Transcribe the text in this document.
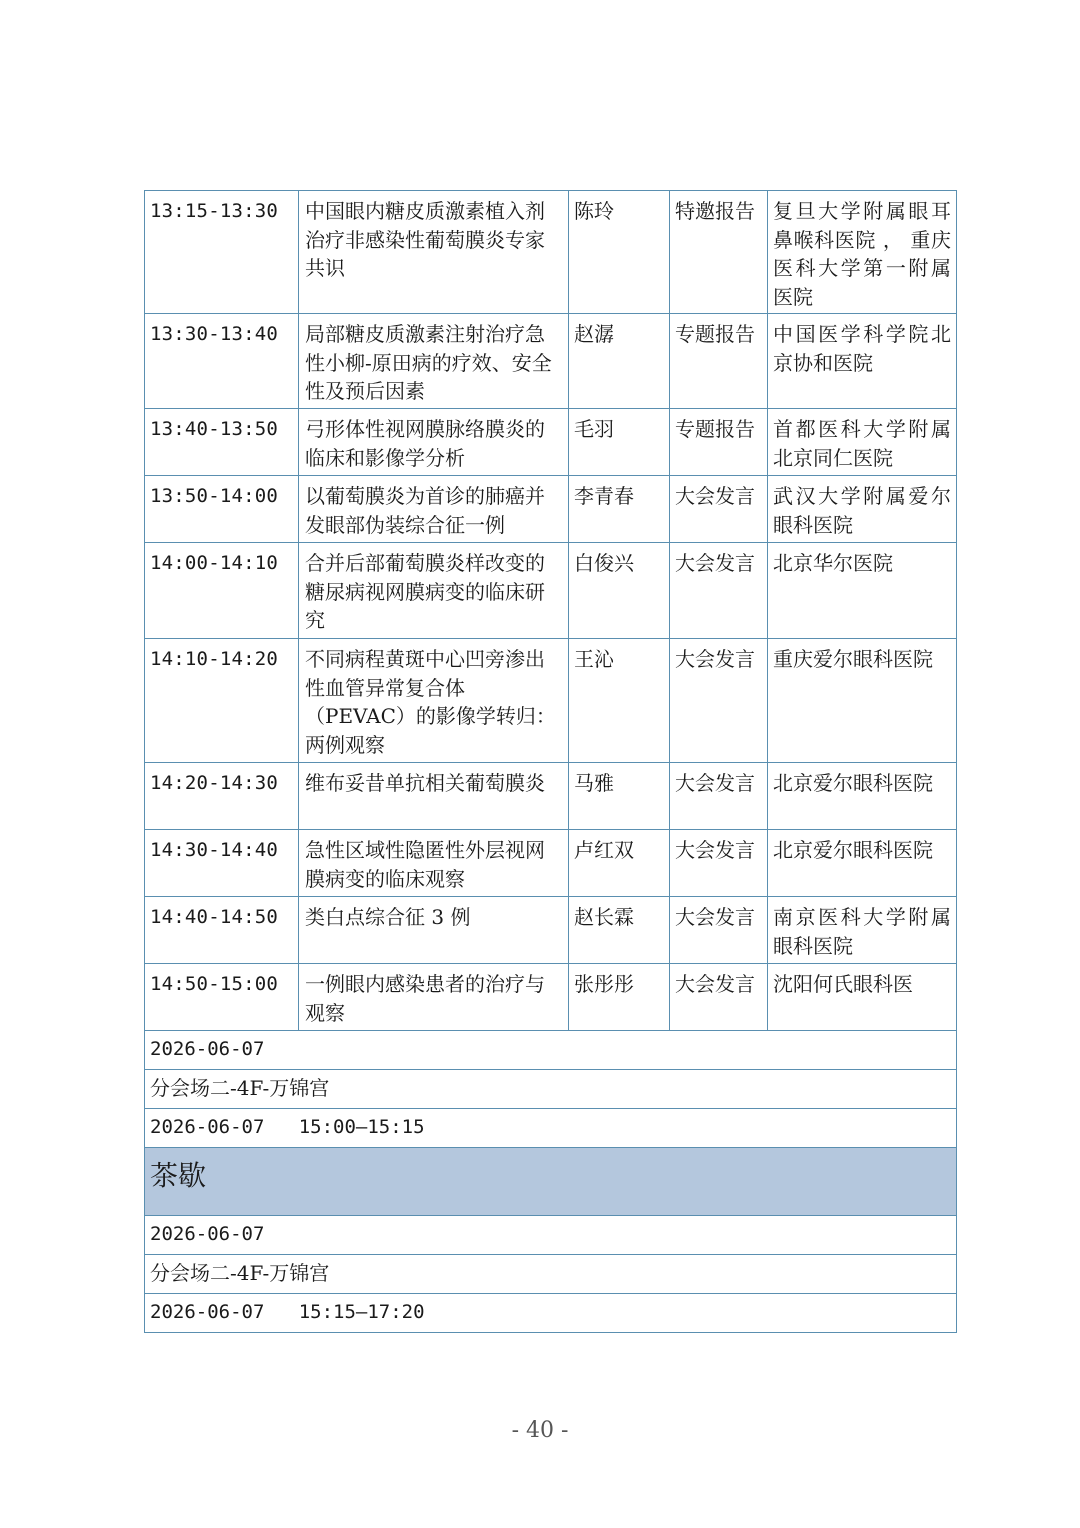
13:15-13:30	中国眼内糖皮质激素植入剂治疗非感染性葡萄膜炎专家共识	陈玲	特邀报告	复旦大学附属眼耳鼻喉科医院 ， 重庆医科大学第一附属医院
13:30-13:40	局部糖皮质激素注射治疗急性小柳-原田病的疗效、安全性及预后因素	赵潺	专题报告	中国医学科学院北京协和医院
13:40-13:50	弓形体性视网膜脉络膜炎的临床和影像学分析	毛羽	专题报告	首都医科大学附属北京同仁医院
13:50-14:00	以葡萄膜炎为首诊的肺癌并发眼部伪装综合征一例	李青春	大会发言	武汉大学附属爱尔眼科医院
14:00-14:10	合并后部葡萄膜炎样改变的糖尿病视网膜病变的临床研究	白俊兴	大会发言	北京华尔医院
14:10-14:20	不同病程黄斑中心凹旁渗出性血管异常复合体（PEVAC）的影像学转归：两例观察	王沁	大会发言	重庆爱尔眼科医院
14:20-14:30	维布妥昔单抗相关葡萄膜炎	马雅	大会发言	北京爱尔眼科医院
14:30-14:40	急性区域性隐匿性外层视网膜病变的临床观察	卢红双	大会发言	北京爱尔眼科医院
14:40-14:50	类白点综合征 3 例	赵长霖	大会发言	南京医科大学附属眼科医院
14:50-15:00	一例眼内感染患者的治疗与观察	张彤彤	大会发言	沈阳何氏眼科医
2026-06-07				
分会场二-4F-万锦宫				
2026-06-07   15:00—15:15				
茶歇				
2026-06-07				
分会场二-4F-万锦宫				
2026-06-07   15:15—17:20				
- 40 -
